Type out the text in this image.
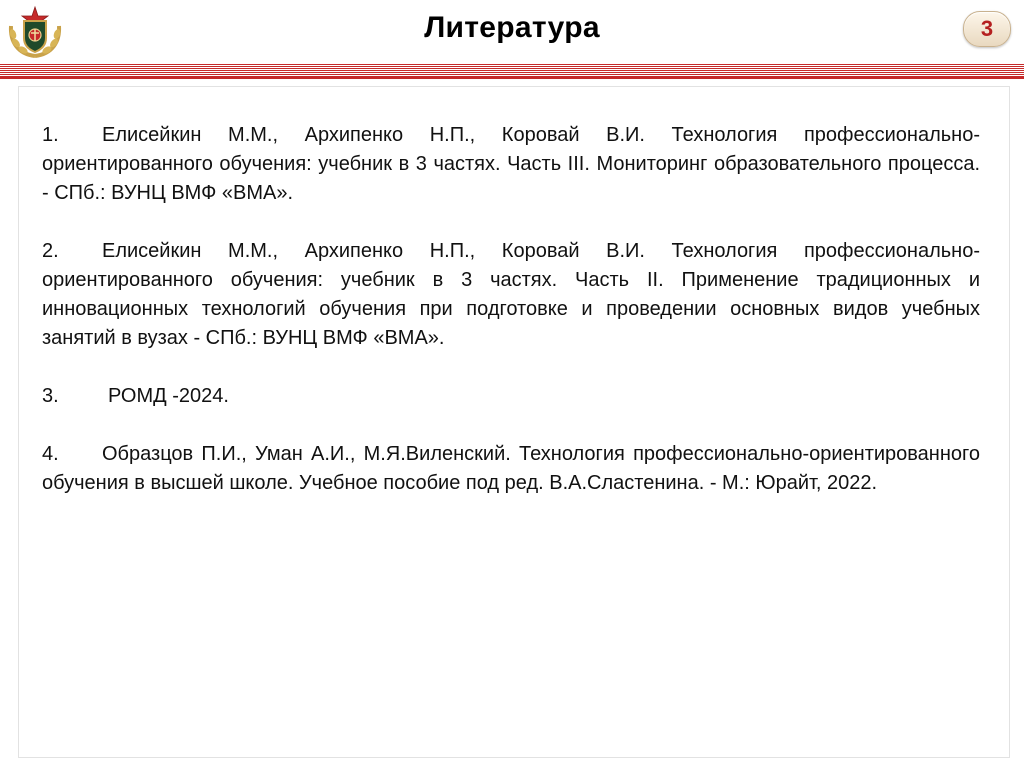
Литература	3

1. Елисейкин М.М., Архипенко Н.П., Коровай В.И. Технология профессионально-ориентированного обучения: учебник в 3 частях. Часть III. Мониторинг образовательного процесса. - СПб.: ВУНЦ ВМФ «ВМА».

2. Елисейкин М.М., Архипенко Н.П., Коровай В.И. Технология профессионально-ориентированного обучения: учебник в 3 частях. Часть II. Применение традиционных и инновационных технологий обучения при подготовке и проведении основных видов учебных занятий в вузах - СПб.: ВУНЦ ВМФ «ВМА».

3. РОМД -2024.

4. Образцов П.И., Уман А.И., М.Я.Виленский. Технология профессионально-ориентированного обучения в высшей школе. Учебное пособие под ред. В.А.Сластенина. - М.: Юрайт, 2022.
